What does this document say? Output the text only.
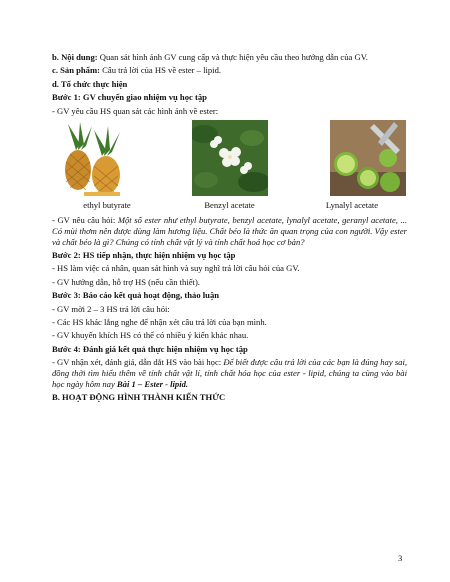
b. Nội dung: Quan sát hình ảnh GV cung cấp và thực hiện yêu cầu theo hướng dẫn của GV.

c. Sản phẩm: Câu trả lời của HS về ester – lipid.

d. Tổ chức thực hiện

Bước 1: GV chuyển giao nhiệm vụ học tập

- GV yêu cầu HS quan sát các hình ảnh về ester:

ethyl butyrate	Benzyl acetate	Lynalyl acetate

- GV nêu câu hỏi: Một số ester như ethyl butyrate, benzyl acetate, lynalyl acetate, geranyl acetate, ... Có mùi thơm nên được dùng làm hương liệu. Chất béo là thức ăn quan trọng của con người. Vậy ester và chất béo là gì? Chúng có tính chất vật lý và tính chất hoá học cơ bản?

Bước 2: HS tiếp nhận, thực hiện nhiệm vụ học tập

- HS làm việc cá nhân, quan sát hình và suy nghĩ trả lời câu hỏi của GV.

- GV hướng dẫn, hỗ trợ HS (nếu cần thiết).

Bước 3: Báo cáo kết quả hoạt động, thảo luận

- GV mời 2 – 3 HS trả lời câu hỏi:

- Các HS khác lắng nghe để nhận xét câu trả lời của bạn mình.

- GV khuyến khích HS có thể có nhiều ý kiến khác nhau.

Bước 4: Đánh giá kết quả thực hiện nhiệm vụ học tập

- GV nhận xét, đánh giá, dẫn dắt HS vào bài học: Để biết được câu trả lời của các bạn là đúng hay sai, đồng thời tìm hiểu thêm về tính chất vật lí, tính chất hóa học của ester - lipid, chúng ta cùng vào bài học ngày hôm nay Bài 1 – Ester - lipid.

B. HOẠT ĐỘNG HÌNH THÀNH KIẾN THỨC

3
